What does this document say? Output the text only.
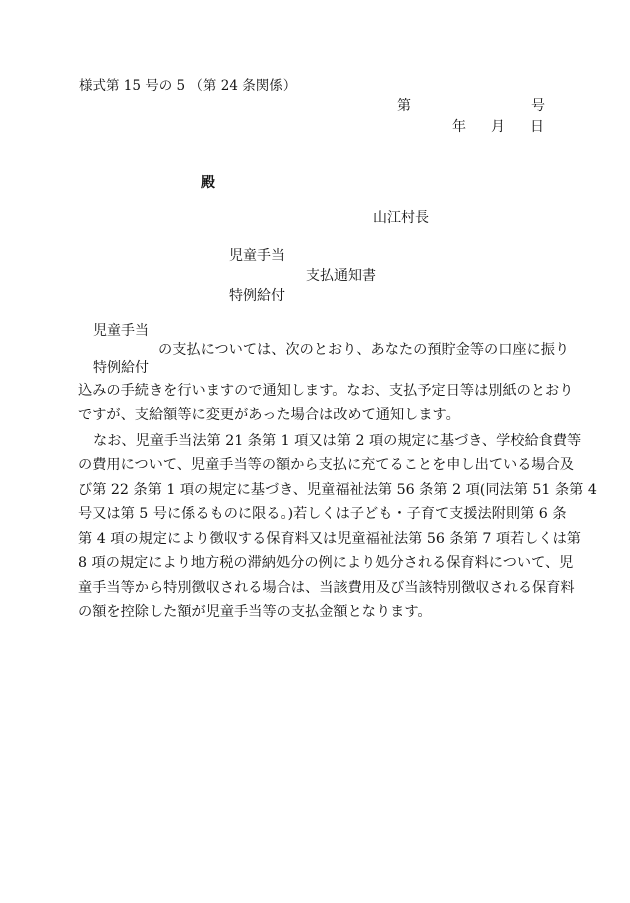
様式第 15 号の 5 （第 24 条関係）
第	号
年 月 日
殿
山江村長
児童手当
支払通知書
特例給付
児童手当
の支払については、次のとおり、あなたの預貯金等の口座に振り
特例給付
込みの手続きを行いますので通知します。なお、支払予定日等は別紙のとおり
ですが、支給額等に変更があった場合は改めて通知します。
なお、児童手当法第 21 条第 1 項又は第 2 項の規定に基づき、学校給食費等
の費用について、児童手当等の額から支払に充てることを申し出ている場合及
び第 22 条第 1 項の規定に基づき、児童福祉法第 56 条第 2 項(同法第 51 条第 4
号又は第 5 号に係るものに限る。)若しくは子ども・子育て支援法附則第 6 条
第 4 項の規定により徴収する保育料又は児童福祉法第 56 条第 7 項若しくは第
8 項の規定により地方税の滞納処分の例により処分される保育料について、児
童手当等から特別徴収される場合は、当該費用及び当該特別徴収される保育料
の額を控除した額が児童手当等の支払金額となります。
